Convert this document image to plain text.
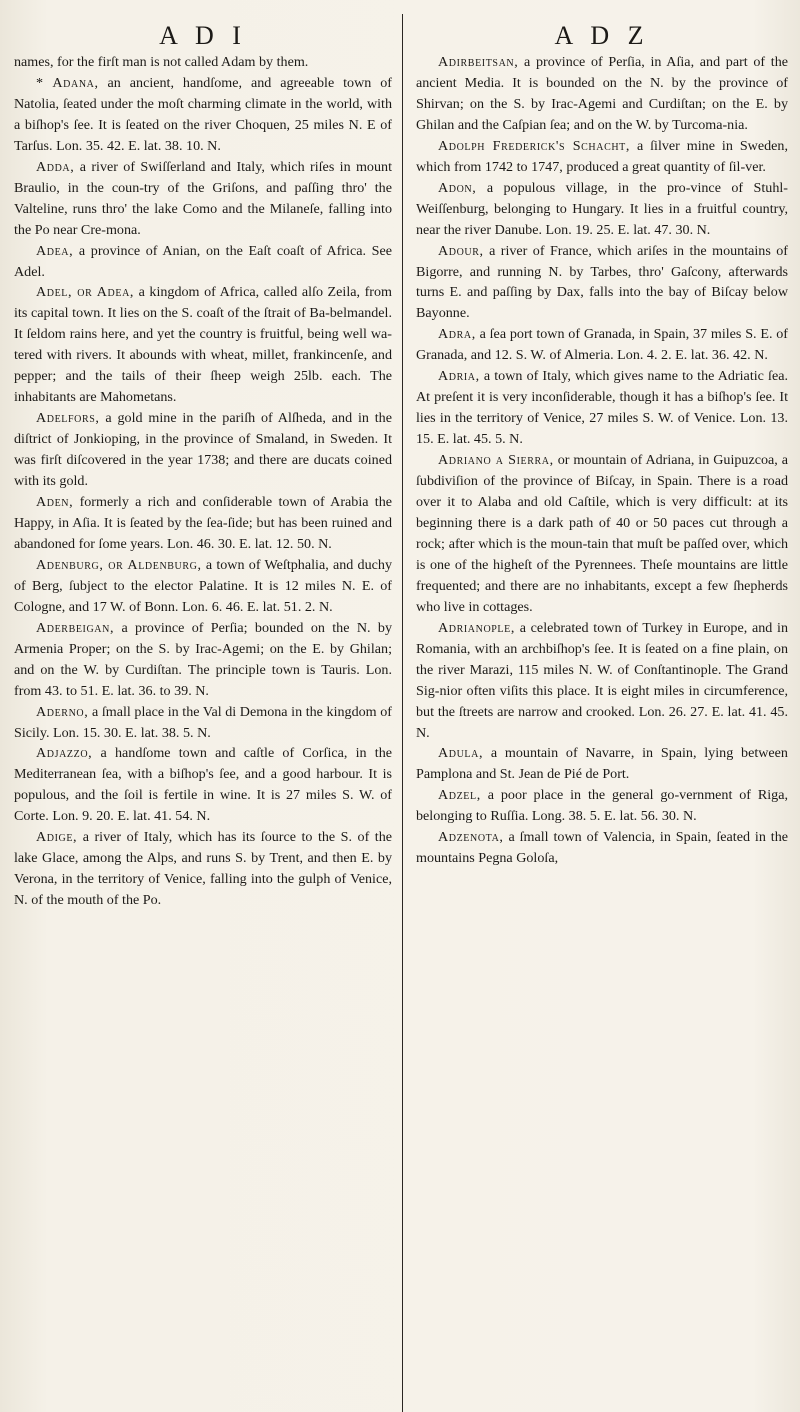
A D I

names, for the firſt man is not called Adam by them.

* Adana, an ancient, handſome, and agreeable town of Natolia, ſeated under the moſt charming climate in the world, with a biſhop's ſee. It is ſeated on the river Choquen, 25 miles N. E of Tarſus. Lon. 35. 42. E. lat. 38. 10. N.

Adda, a river of Swiſſerland and Italy, which riſes in mount Braulio, in the coun-try of the Griſons, and paſſing thro' the Valteline, runs thro' the lake Como and the Milaneſe, falling into the Po near Cre-mona.

Adea, a province of Anian, on the Eaſt coaſt of Africa. See Adel.

Adel, or Adea, a kingdom of Africa, called alſo Zeila, from its capital town. It lies on the S. coaſt of the ſtrait of Ba-belmandel. It ſeldom rains here, and yet the country is fruitful, being well wa-tered with rivers. It abounds with wheat, millet, frankincenſe, and pepper; and the tails of their ſheep weigh 25lb. each. The inhabitants are Mahometans.

Adelfors, a gold mine in the pariſh of Alſheda, and in the diſtrict of Jonkioping, in the province of Smaland, in Sweden. It was firſt diſcovered in the year 1738; and there are ducats coined with its gold.

Aden, formerly a rich and conſiderable town of Arabia the Happy, in Aſia. It is ſeated by the ſea-ſide; but has been ruined and abandoned for ſome years. Lon. 46. 30. E. lat. 12. 50. N.

Adenburg, or Aldenburg, a town of Weſtphalia, and duchy of Berg, ſubject to the elector Palatine. It is 12 miles N. E. of Cologne, and 17 W. of Bonn. Lon. 6. 46. E. lat. 51. 2. N.

Aderbeigan, a province of Perſia; bounded on the N. by Armenia Proper; on the S. by Irac-Agemi; on the E. by Ghilan; and on the W. by Curdiſtan. The principle town is Tauris. Lon. from 43. to 51. E. lat. 36. to 39. N.

Aderno, a ſmall place in the Val di Demona in the kingdom of Sicily. Lon. 15. 30. E. lat. 38. 5. N.

Adjazzo, a handſome town and caſtle of Corſica, in the Mediterranean ſea, with a biſhop's ſee, and a good harbour. It is populous, and the ſoil is fertile in wine. It is 27 miles S. W. of Corte. Lon. 9. 20. E. lat. 41. 54. N.

Adige, a river of Italy, which has its ſource to the S. of the lake Glace, among the Alps, and runs S. by Trent, and then E. by Verona, in the territory of Venice, falling into the gulph of Venice, N. of the mouth of the Po.

A D Z

Adirbeitsan, a province of Perſia, in Aſia, and part of the ancient Media. It is bounded on the N. by the province of Shirvan; on the S. by Irac-Agemi and Curdiſtan; on the E. by Ghilan and the Caſpian ſea; and on the W. by Turcoma-nia.

Adolph Frederick's Schacht, a ſilver mine in Sweden, which from 1742 to 1747, produced a great quantity of ſil-ver.

Adon, a populous village, in the pro-vince of Stuhl-Weiſſenburg, belonging to Hungary. It lies in a fruitful country, near the river Danube. Lon. 19. 25. E. lat. 47. 30. N.

Adour, a river of France, which ariſes in the mountains of Bigorre, and running N. by Tarbes, thro' Gaſcony, afterwards turns E. and paſſing by Dax, falls into the bay of Biſcay below Bayonne.

Adra, a ſea port town of Granada, in Spain, 37 miles S. E. of Granada, and 12. S. W. of Almeria. Lon. 4. 2. E. lat. 36. 42. N.

Adria, a town of Italy, which gives name to the Adriatic ſea. At preſent it is very inconſiderable, though it has a biſhop's ſee. It lies in the territory of Venice, 27 miles S. W. of Venice. Lon. 13. 15. E. lat. 45. 5. N.

Adriano a Sierra, or mountain of Adriana, in Guipuzcoa, a ſubdiviſion of the province of Biſcay, in Spain. There is a road over it to Alaba and old Caſtile, which is very difficult: at its beginning there is a dark path of 40 or 50 paces cut through a rock; after which is the moun-tain that muſt be paſſed over, which is one of the higheſt of the Pyrennees. Theſe mountains are little frequented; and there are no inhabitants, except a few ſhepherds who live in cottages.

Adrianople, a celebrated town of Turkey in Europe, and in Romania, with an archbiſhop's ſee. It is ſeated on a fine plain, on the river Marazi, 115 miles N. W. of Conſtantinople. The Grand Sig-nior often viſits this place. It is eight miles in circumference, but the ſtreets are narrow and crooked. Lon. 26. 27. E. lat. 41. 45. N.

Adula, a mountain of Navarre, in Spain, lying between Pamplona and St. Jean de Pié de Port.

Adzel, a poor place in the general go-vernment of Riga, belonging to Ruſſia. Long. 38. 5. E. lat. 56. 30. N.

Adzenota, a ſmall town of Valencia, in Spain, ſeated in the mountains Pegna Goloſa,
